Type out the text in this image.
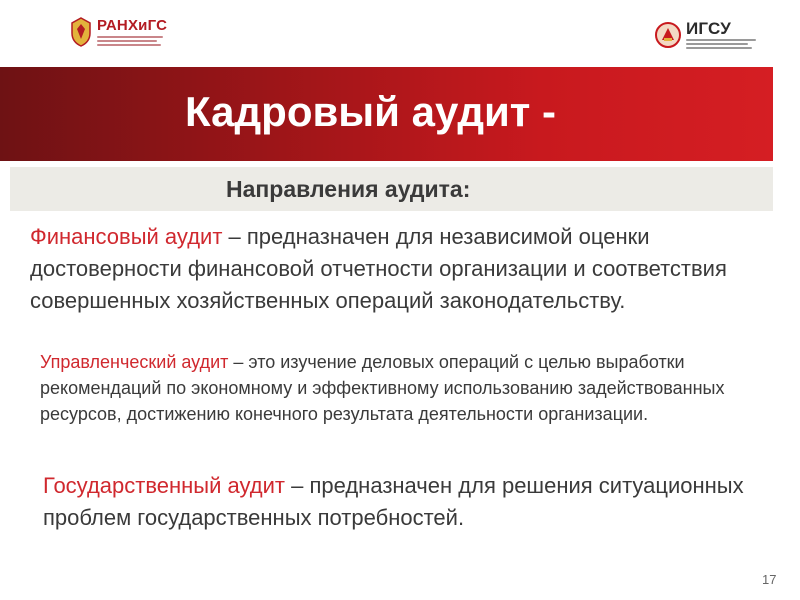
РАНХиГС	ИГСУ
Кадровый аудит -
Направления аудита:
Финансовый аудит – предназначен для независимой оценки достоверности финансовой отчетности организации и соответствия совершенных хозяйственных операций законодательству.
Управленческий аудит – это изучение деловых операций с целью выработки рекомендаций по экономному и эффективному использованию задействованных ресурсов, достижению конечного результата деятельности организации.
Государственный аудит – предназначен для решения ситуационных проблем государственных потребностей.
17
